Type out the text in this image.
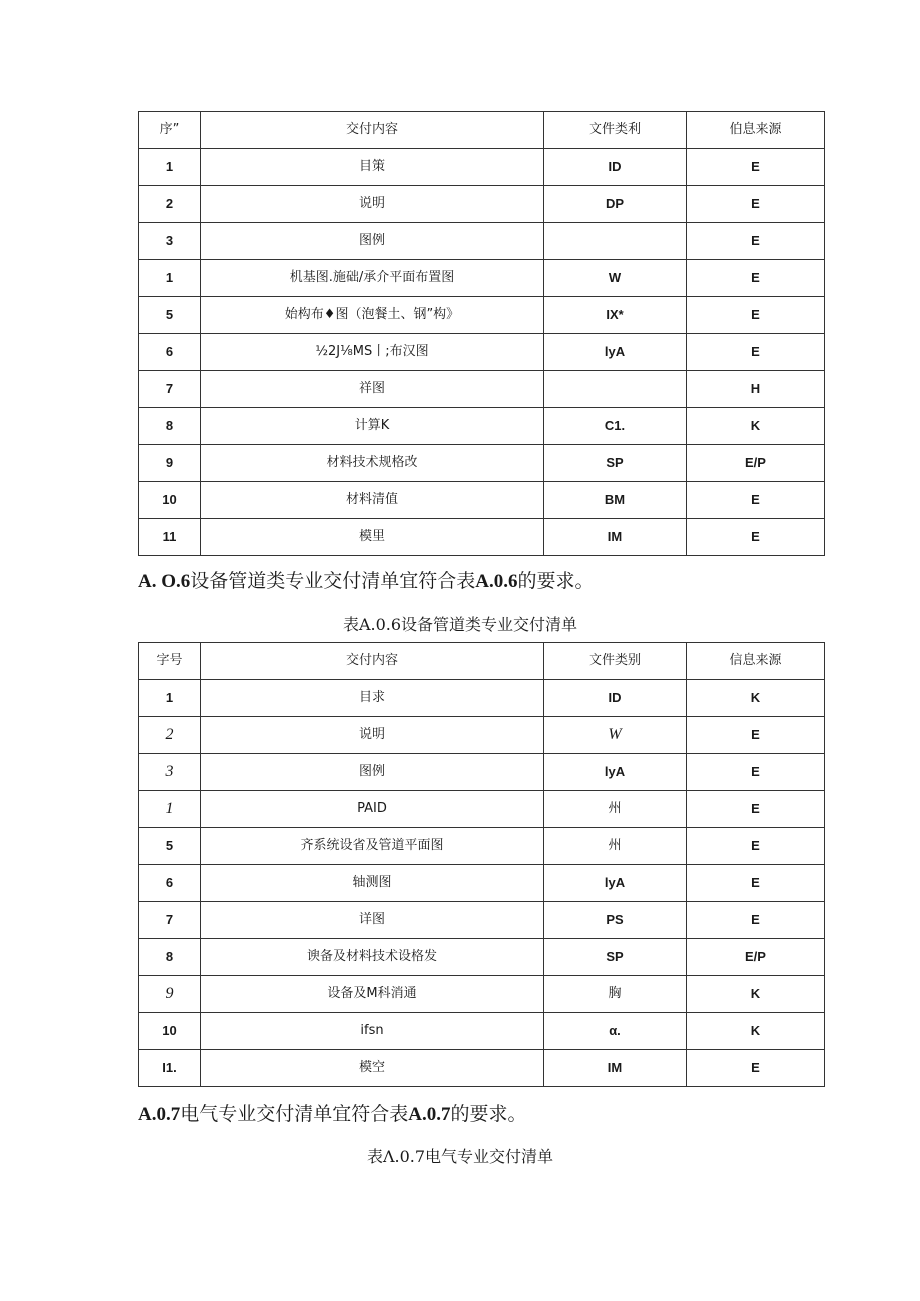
序”	交付内容	文件类利	伯息来源
1	目策	ID	E
2	说明	DP	E
3	图例		E
1	机基图.施础/承介平面布置图	W	E
5	始构布♦图（泡餐土、钢”构》	IX*	E
6	½2J⅛MS丨;布汉图	lyA	E
7	祥图		H
8	计算K	C1.	K
9	材料技术规格改	SP	E/P
10	材料清值	BM	E
11	模里	IM	E
A. O.6设备管道类专业交付清单宜符合表A.0.6的要求。
表A.0.6设备管道类专业交付清单
字号	交付内容	文件类别	信息来源
1	目求	ID	K
2	说明	W	E
3	图例	lyA	E
1	PAID	州	E
5	齐系统设省及管道平面图	州	E
6	轴测图	lyA	E
7	详图	PS	E
8	谀备及材料技术设格发	SP	E/P
9	设备及M科消通	胸	K
10	ifsn	α.	K
I1.	模空	IM	E
A.0.7电气专业交付清单宜符合表A.0.7的要求。
表Λ.0.7电气专业交付清单
